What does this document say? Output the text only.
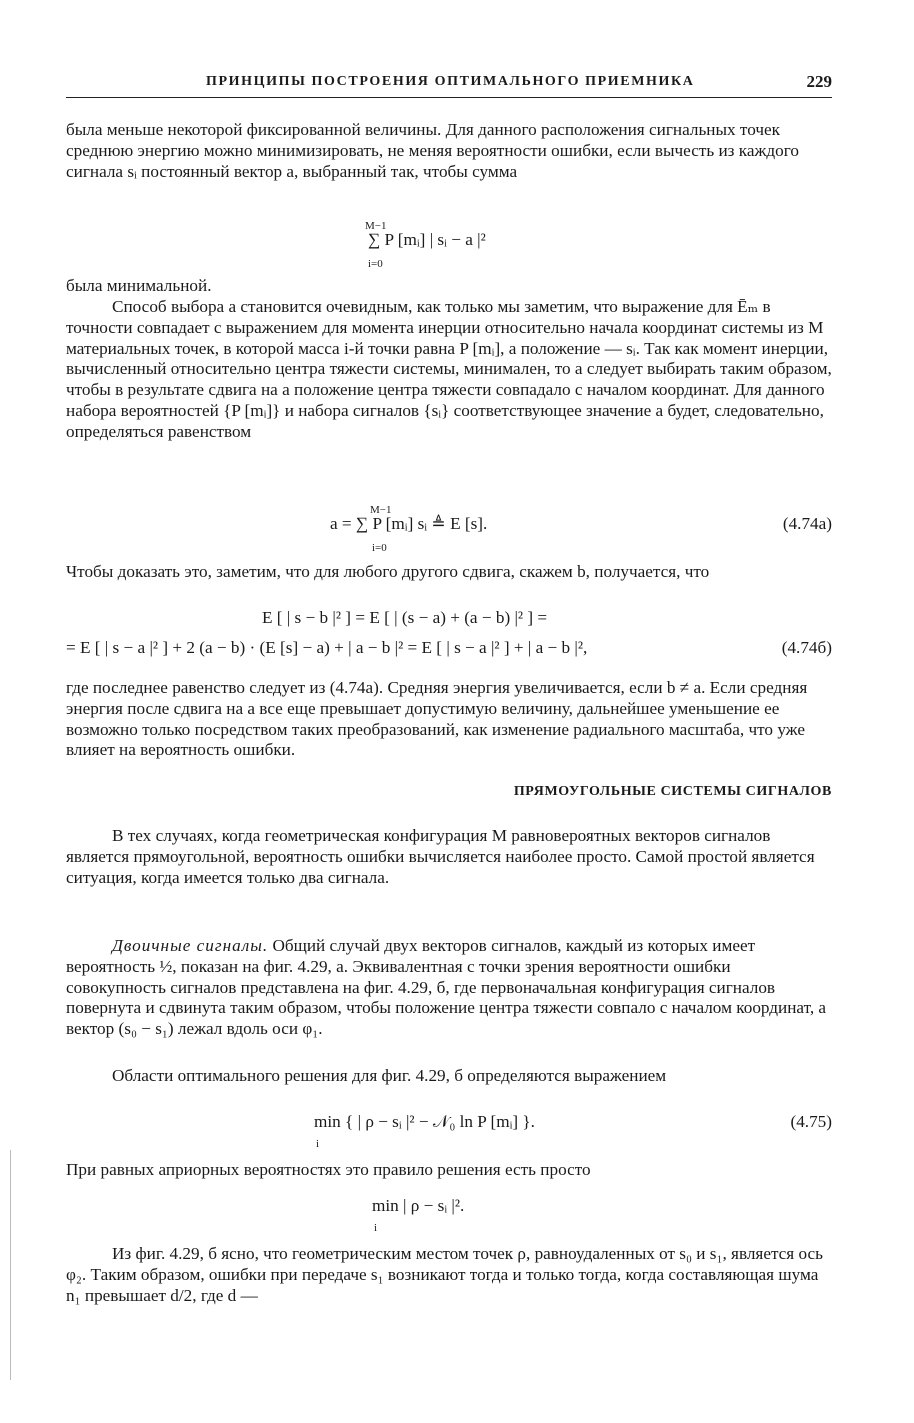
ПРИНЦИПЫ ПОСТРОЕНИЯ ОПТИМАЛЬНОГО ПРИЕМНИКА	229

была меньше некоторой фиксированной величины. Для данного расположения сигнальных точек среднюю энергию можно минимизировать, не меняя вероятности ошибки, если вычесть из каждого сигнала sᵢ постоянный вектор a, выбранный так, чтобы сумма

M−1
∑ P [mᵢ] | sᵢ − a |²
i=0

была минимальной.

Способ выбора a становится очевидным, как только мы заметим, что выражение для Ēₘ в точности совпадает с выражением для момента инерции относительно начала координат системы из M материальных точек, в которой масса i-й точки равна P [mᵢ], а положение — sᵢ. Так как момент инерции, вычисленный относительно центра тяжести системы, минимален, то a следует выбирать таким образом, чтобы в результате сдвига на a положение центра тяжести совпадало с началом координат. Для данного набора вероятностей {P [mᵢ]} и набора сигналов {sᵢ} соответствующее значение a будет, следовательно, определяться равенством

M−1
a = ∑ P [mᵢ] sᵢ ≜ E [s].
i=0
(4.74a)

Чтобы доказать это, заметим, что для любого другого сдвига, скажем b, получается, что

E [ | s − b |² ] = E [ | (s − a) + (a − b) |² ] =
= E [ | s − a |² ] + 2 (a − b) · (E [s] − a) + | a − b |² = E [ | s − a |² ] + | a − b |²,	(4.74б)

где последнее равенство следует из (4.74a). Средняя энергия увеличивается, если b ≠ a. Если средняя энергия после сдвига на a все еще превышает допустимую величину, дальнейшее уменьшение ее возможно только посредством таких преобразований, как изменение радиального масштаба, что уже влияет на вероятность ошибки.

ПРЯМОУГОЛЬНЫЕ СИСТЕМЫ СИГНАЛОВ

В тех случаях, когда геометрическая конфигурация M равновероятных векторов сигналов является прямоугольной, вероятность ошибки вычисляется наиболее просто. Самой простой является ситуация, когда имеется только два сигнала.

Двоичные сигналы. Общий случай двух векторов сигналов, каждый из которых имеет вероятность ½, показан на фиг. 4.29, а. Эквивалентная с точки зрения вероятности ошибки совокупность сигналов представлена на фиг. 4.29, б, где первоначальная конфигурация сигналов повернута и сдвинута таким образом, чтобы положение центра тяжести совпало с началом координат, а вектор (s₀ − s₁) лежал вдоль оси φ₁.

Области оптимального решения для фиг. 4.29, б определяются выражением

min { | ρ − sᵢ |² − 𝒩₀ ln P [mᵢ] }.
i
(4.75)

При равных априорных вероятностях это правило решения есть просто

min | ρ − sᵢ |².
i

Из фиг. 4.29, б ясно, что геометрическим местом точек ρ, равноудаленных от s₀ и s₁, является ось φ₂. Таким образом, ошибки при передаче s₁ возникают тогда и только тогда, когда составляющая шума n₁ превышает d/2, где d —
